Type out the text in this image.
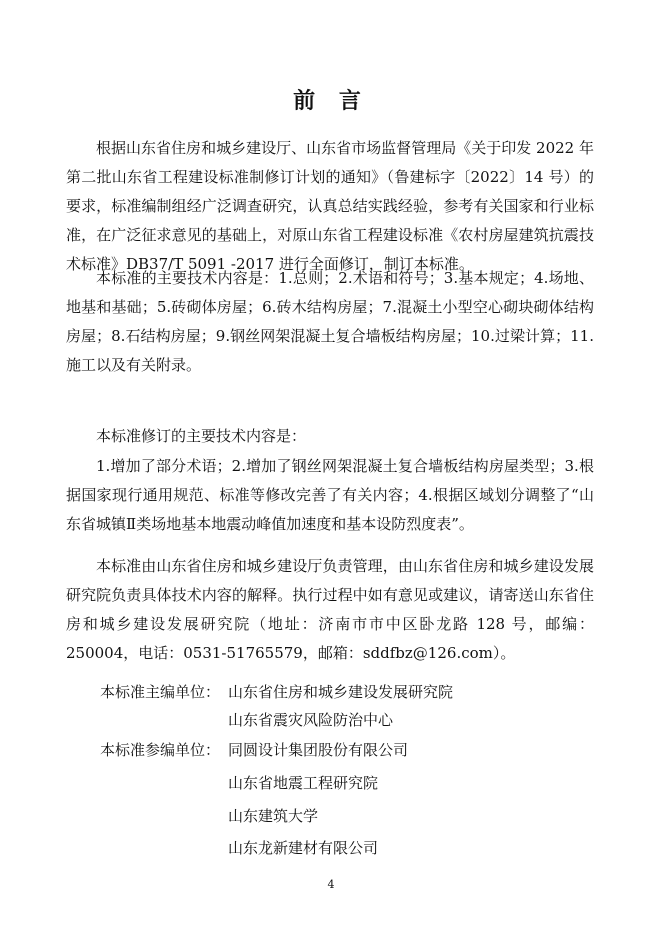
前 言

根据山东省住房和城乡建设厅、山东省市场监督管理局《关于印发 2022 年第二批山东省工程建设标准制修订计划的通知》（鲁建标字〔2022〕14 号）的要求，标准编制组经广泛调查研究，认真总结实践经验，参考有关国家和行业标准，在广泛征求意见的基础上，对原山东省工程建设标准《农村房屋建筑抗震技术标准》DB37/T 5091 -2017 进行全面修订，制订本标准。

本标准的主要技术内容是：1.总则；2.术语和符号；3.基本规定；4.场地、地基和基础；5.砖砌体房屋；6.砖木结构房屋；7.混凝土小型空心砌块砌体结构房屋；8.石结构房屋；9.钢丝网架混凝土复合墙板结构房屋；10.过梁计算；11.施工以及有关附录。

本标准修订的主要技术内容是：

1.增加了部分术语；2.增加了钢丝网架混凝土复合墙板结构房屋类型；3.根据国家现行通用规范、标准等修改完善了有关内容；4.根据区域划分调整了“山东省城镇Ⅱ类场地基本地震动峰值加速度和基本设防烈度表”。

本标准由山东省住房和城乡建设厅负责管理，由山东省住房和城乡建设发展研究院负责具体技术内容的解释。执行过程中如有意见或建议，请寄送山东省住房和城乡建设发展研究院（地址：济南市市中区卧龙路 128 号，邮编：250004，电话：0531-51765579，邮箱：sddfbz@126.com）。

本标准主编单位： 山东省住房和城乡建设发展研究院
山东省震灾风险防治中心
本标准参编单位： 同圆设计集团股份有限公司
山东省地震工程研究院
山东建筑大学
山东龙新建材有限公司
4
